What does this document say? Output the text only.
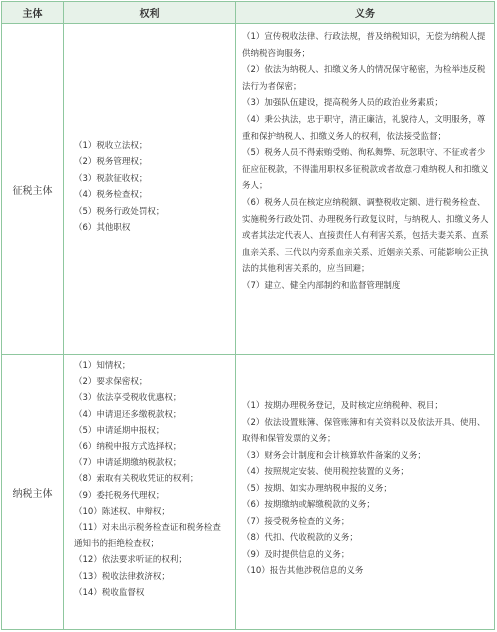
主体	权利	义务
征税主体
（1）税收立法权；
（2）税务管理权；
（3）税款征收权；
（4）税务检查权；
（5）税务行政处罚权；
（6）其他职权
（1）宣传税收法律、行政法规，普及纳税知识，无偿为纳税人提供纳税咨询服务；
（2）依法为纳税人、扣缴义务人的情况保守秘密，为检举违反税法行为者保密；
（3）加强队伍建设，提高税务人员的政治业务素质；
（4）秉公执法，忠于职守，清正廉洁，礼貌待人，文明服务，尊重和保护纳税人、扣缴义务人的权利，依法接受监督；
（5）税务人员不得索贿受贿、徇私舞弊、玩忽职守、不征或者少征应征税款，不得滥用职权多征税款或者故意刁难纳税人和扣缴义务人；
（6）税务人员在核定应纳税额、调整税收定额、进行税务检查、实施税务行政处罚、办理税务行政复议时，与纳税人、扣缴义务人或者其法定代表人、直接责任人有利害关系，包括夫妻关系、直系血亲关系、三代以内旁系血亲关系、近姻亲关系、可能影响公正执法的其他利害关系的，应当回避；
（7）建立、健全内部制约和监督管理制度
纳税主体
（1）知情权；
（2）要求保密权；
（3）依法享受税收优惠权；
（4）申请退还多缴税款权；
（5）申请延期申报权；
（6）纳税申报方式选择权；
（7）申请延期缴纳税款权；
（8）索取有关税收凭证的权利；
（9）委托税务代理权；
（10）陈述权、申辩权；
（11）对未出示税务检查证和税务检查通知书的拒绝检查权；
（12）依法要求听证的权利；
（13）税收法律救济权；
（14）税收监督权
（1）按期办理税务登记，及时核定应纳税种、税目；
（2）依法设置账簿、保管账簿和有关资料以及依法开具、使用、取得和保管发票的义务；
（3）财务会计制度和会计核算软件备案的义务；
（4）按照规定安装、使用税控装置的义务；
（5）按期、如实办理纳税申报的义务；
（6）按期缴纳或解缴税款的义务；
（7）接受税务检查的义务；
（8）代扣、代收税款的义务；
（9）及时提供信息的义务；
（10）报告其他涉税信息的义务
